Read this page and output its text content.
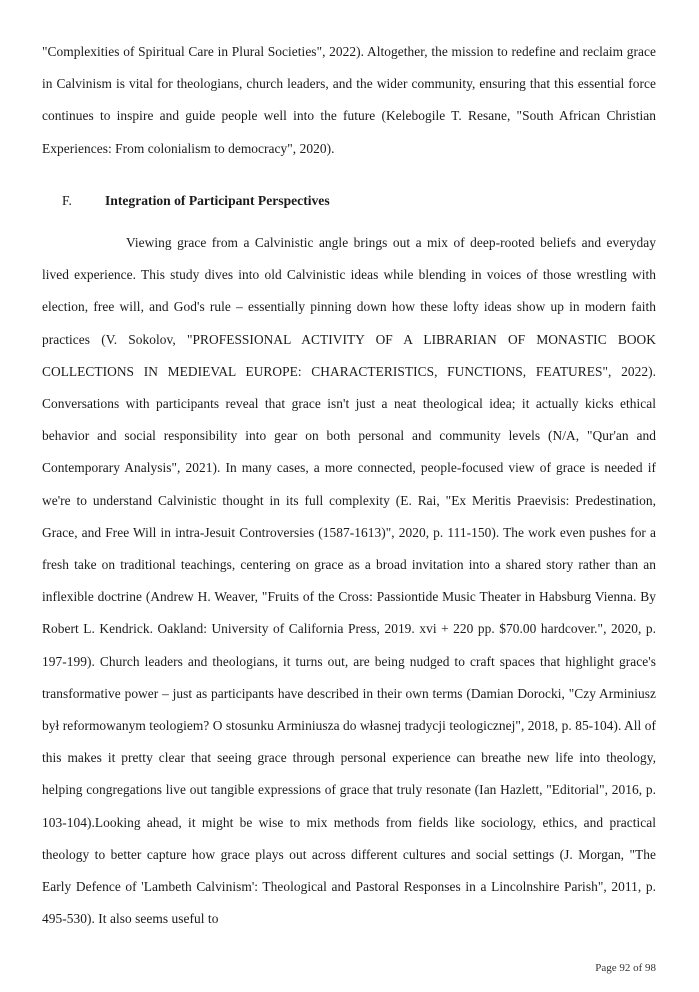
"Complexities of Spiritual Care in Plural Societies", 2022). Altogether, the mission to redefine and reclaim grace in Calvinism is vital for theologians, church leaders, and the wider community, ensuring that this essential force continues to inspire and guide people well into the future (Kelebogile T. Resane, "South African Christian Experiences: From colonialism to democracy", 2020).
F.	Integration of Participant Perspectives
Viewing grace from a Calvinistic angle brings out a mix of deep-rooted beliefs and everyday lived experience. This study dives into old Calvinistic ideas while blending in voices of those wrestling with election, free will, and God's rule – essentially pinning down how these lofty ideas show up in modern faith practices (V. Sokolov, "PROFESSIONAL ACTIVITY OF A LIBRARIAN OF MONASTIC BOOK COLLECTIONS IN MEDIEVAL EUROPE: CHARACTERISTICS, FUNCTIONS, FEATURES", 2022). Conversations with participants reveal that grace isn't just a neat theological idea; it actually kicks ethical behavior and social responsibility into gear on both personal and community levels (N/A, "Qur'an and Contemporary Analysis", 2021). In many cases, a more connected, people-focused view of grace is needed if we're to understand Calvinistic thought in its full complexity (E. Rai, "Ex Meritis Praevisis: Predestination, Grace, and Free Will in intra-Jesuit Controversies (1587-1613)", 2020, p. 111-150). The work even pushes for a fresh take on traditional teachings, centering on grace as a broad invitation into a shared story rather than an inflexible doctrine (Andrew H. Weaver, "Fruits of the Cross: Passiontide Music Theater in Habsburg Vienna. By Robert L. Kendrick. Oakland: University of California Press, 2019. xvi + 220 pp. $70.00 hardcover.", 2020, p. 197-199). Church leaders and theologians, it turns out, are being nudged to craft spaces that highlight grace's transformative power – just as participants have described in their own terms (Damian Dorocki, "Czy Arminiusz był reformowanym teologiem? O stosunku Arminiusza do własnej tradycji teologicznej", 2018, p. 85-104). All of this makes it pretty clear that seeing grace through personal experience can breathe new life into theology, helping congregations live out tangible expressions of grace that truly resonate (Ian Hazlett, "Editorial", 2016, p. 103-104).Looking ahead, it might be wise to mix methods from fields like sociology, ethics, and practical theology to better capture how grace plays out across different cultures and social settings (J. Morgan, "The Early Defence of 'Lambeth Calvinism': Theological and Pastoral Responses in a Lincolnshire Parish", 2011, p. 495-530). It also seems useful to
Page 92 of 98
